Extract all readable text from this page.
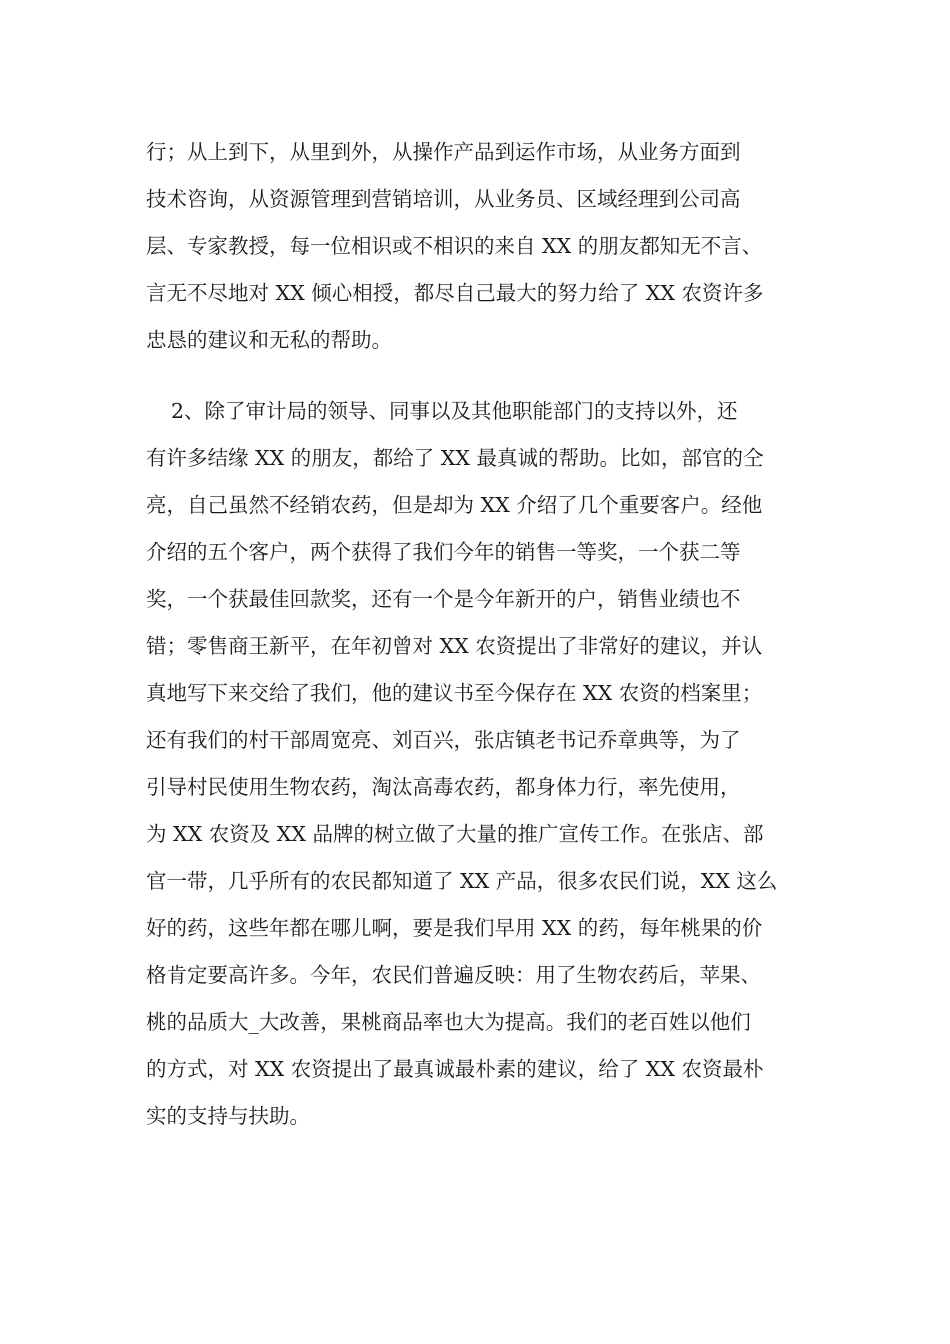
行；从上到下，从里到外，从操作产品到运作市场，从业务方面到
技术咨询，从资源管理到营销培训，从业务员、区域经理到公司高
层、专家教授，每一位相识或不相识的来自 XX 的朋友都知无不言、
言无不尽地对 XX 倾心相授，都尽自己最大的努力给了 XX 农资许多
忠恳的建议和无私的帮助。
2、除了审计局的领导、同事以及其他职能部门的支持以外，还
有许多结缘 XX 的朋友，都给了 XX 最真诚的帮助。比如，部官的仝
亮，自己虽然不经销农药，但是却为 XX 介绍了几个重要客户。经他
介绍的五个客户，两个获得了我们今年的销售一等奖，一个获二等
奖，一个获最佳回款奖，还有一个是今年新开的户，销售业绩也不
错；零售商王新平，在年初曾对 XX 农资提出了非常好的建议，并认
真地写下来交给了我们，他的建议书至今保存在 XX 农资的档案里；
还有我们的村干部周宽亮、刘百兴，张店镇老书记乔章典等，为了
引导村民使用生物农药，淘汰高毒农药，都身体力行，率先使用，
为 XX 农资及 XX 品牌的树立做了大量的推广宣传工作。在张店、部
官一带，几乎所有的农民都知道了 XX 产品，很多农民们说，XX 这么
好的药，这些年都在哪儿啊，要是我们早用 XX 的药，每年桃果的价
格肯定要高许多。今年，农民们普遍反映：用了生物农药后，苹果、
桃的品质大_大改善，果桃商品率也大为提高。我们的老百姓以他们
的方式，对 XX 农资提出了最真诚最朴素的建议，给了 XX 农资最朴
实的支持与扶助。
